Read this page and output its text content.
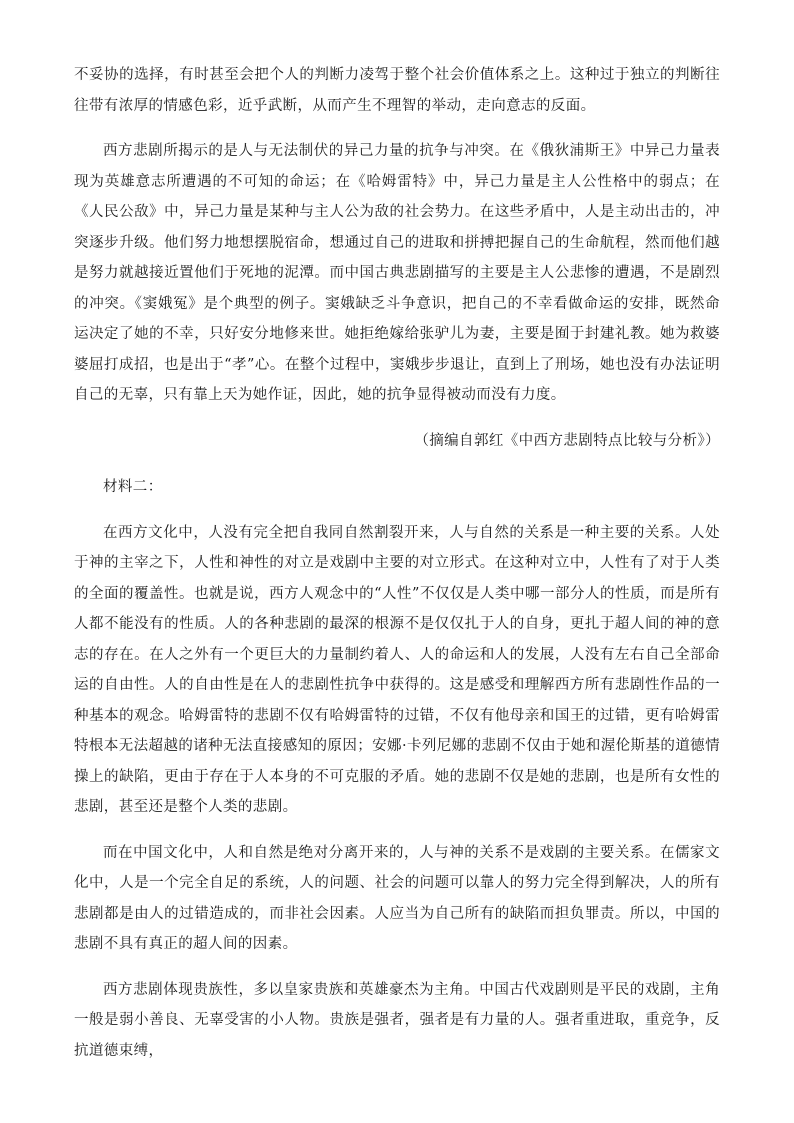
不妥协的选择，有时甚至会把个人的判断力凌驾于整个社会价值体系之上。这种过于独立的判断往往带有浓厚的情感色彩，近乎武断，从而产生不理智的举动，走向意志的反面。

西方悲剧所揭示的是人与无法制伏的异己力量的抗争与冲突。在《俄狄浦斯王》中异己力量表现为英雄意志所遭遇的不可知的命运；在《哈姆雷特》中，异己力量是主人公性格中的弱点；在《人民公敌》中，异己力量是某种与主人公为敌的社会势力。在这些矛盾中，人是主动出击的，冲突逐步升级。他们努力地想摆脱宿命，想通过自己的进取和拼搏把握自己的生命航程，然而他们越是努力就越接近置他们于死地的泥潭。而中国古典悲剧描写的主要是主人公悲惨的遭遇，不是剧烈的冲突。《窦娥冤》是个典型的例子。窦娥缺乏斗争意识，把自己的不幸看做命运的安排，既然命运决定了她的不幸，只好安分地修来世。她拒绝嫁给张驴儿为妻，主要是囿于封建礼教。她为救婆婆屈打成招，也是出于“孝”心。在整个过程中，窦娥步步退让，直到上了刑场，她也没有办法证明自己的无辜，只有靠上天为她作证，因此，她的抗争显得被动而没有力度。

（摘编自郭红《中西方悲剧特点比较与分析》）

材料二：

在西方文化中，人没有完全把自我同自然割裂开来，人与自然的关系是一种主要的关系。人处于神的主宰之下，人性和神性的对立是戏剧中主要的对立形式。在这种对立中，人性有了对于人类的全面的覆盖性。也就是说，西方人观念中的“人性”不仅仅是人类中哪一部分人的性质，而是所有人都不能没有的性质。人的各种悲剧的最深的根源不是仅仅扎于人的自身，更扎于超人间的神的意志的存在。在人之外有一个更巨大的力量制约着人、人的命运和人的发展，人没有左右自己全部命运的自由性。人的自由性是在人的悲剧性抗争中获得的。这是感受和理解西方所有悲剧性作品的一种基本的观念。哈姆雷特的悲剧不仅有哈姆雷特的过错，不仅有他母亲和国王的过错，更有哈姆雷特根本无法超越的诸种无法直接感知的原因；安娜·卡列尼娜的悲剧不仅由于她和渥伦斯基的道德情操上的缺陷，更由于存在于人本身的不可克服的矛盾。她的悲剧不仅是她的悲剧，也是所有女性的悲剧，甚至还是整个人类的悲剧。

而在中国文化中，人和自然是绝对分离开来的，人与神的关系不是戏剧的主要关系。在儒家文化中，人是一个完全自足的系统，人的问题、社会的问题可以靠人的努力完全得到解决，人的所有悲剧都是由人的过错造成的，而非社会因素。人应当为自己所有的缺陷而担负罪责。所以，中国的悲剧不具有真正的超人间的因素。

西方悲剧体现贵族性，多以皇家贵族和英雄豪杰为主角。中国古代戏剧则是平民的戏剧，主角一般是弱小善良、无辜受害的小人物。贵族是强者，强者是有力量的人。强者重进取，重竞争，反抗道德束缚，
